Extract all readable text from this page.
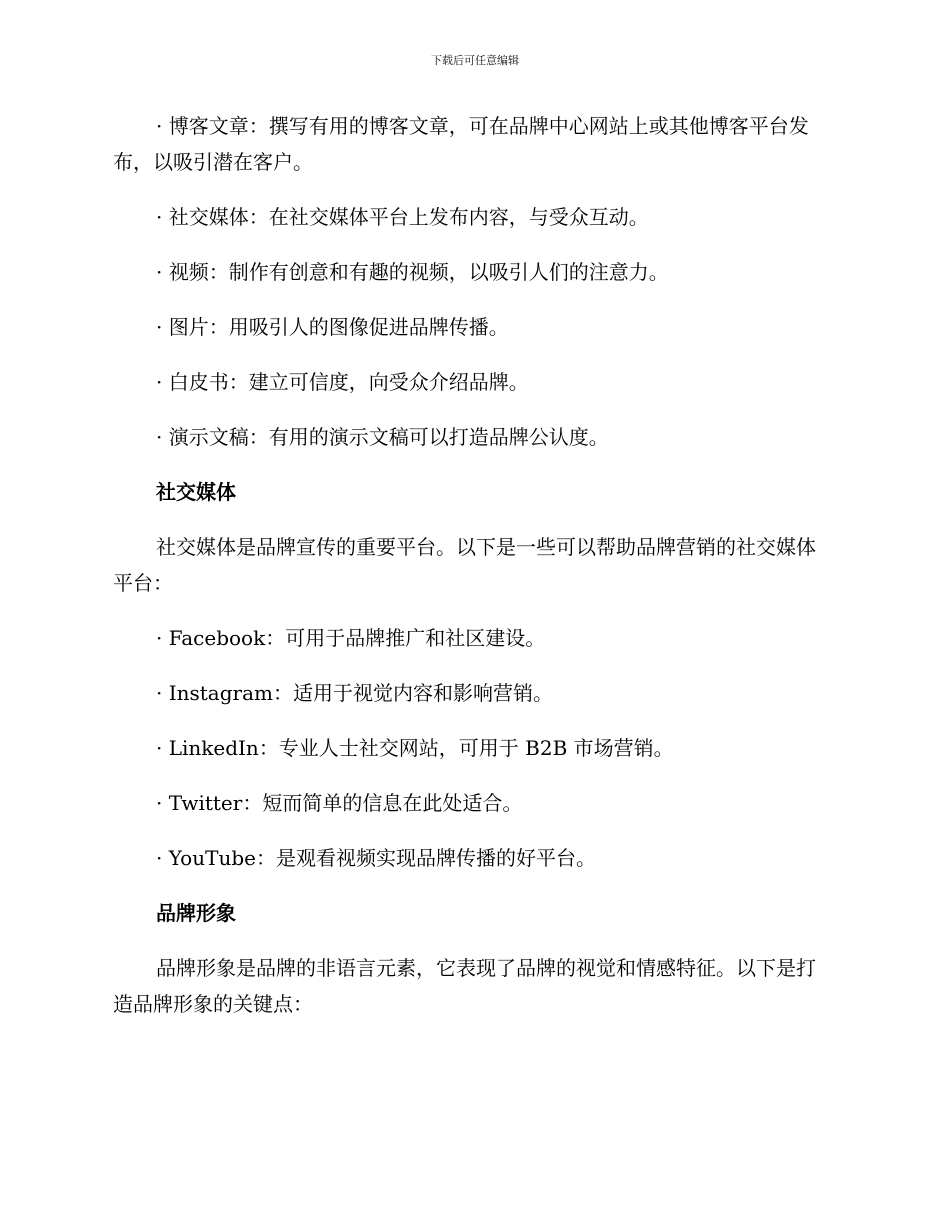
下载后可任意编辑

· 博客文章：撰写有用的博客文章，可在品牌中心网站上或其他博客平台发布，以吸引潜在客户。

· 社交媒体：在社交媒体平台上发布内容，与受众互动。

· 视频：制作有创意和有趣的视频，以吸引人们的注意力。

· 图片：用吸引人的图像促进品牌传播。

· 白皮书：建立可信度，向受众介绍品牌。

· 演示文稿：有用的演示文稿可以打造品牌公认度。

社交媒体

社交媒体是品牌宣传的重要平台。以下是一些可以帮助品牌营销的社交媒体平台：

· Facebook：可用于品牌推广和社区建设。

· Instagram：适用于视觉内容和影响营销。

· LinkedIn：专业人士社交网站，可用于 B2B 市场营销。

· Twitter：短而简单的信息在此处适合。

· YouTube：是观看视频实现品牌传播的好平台。

品牌形象

品牌形象是品牌的非语言元素，它表现了品牌的视觉和情感特征。以下是打造品牌形象的关键点：
